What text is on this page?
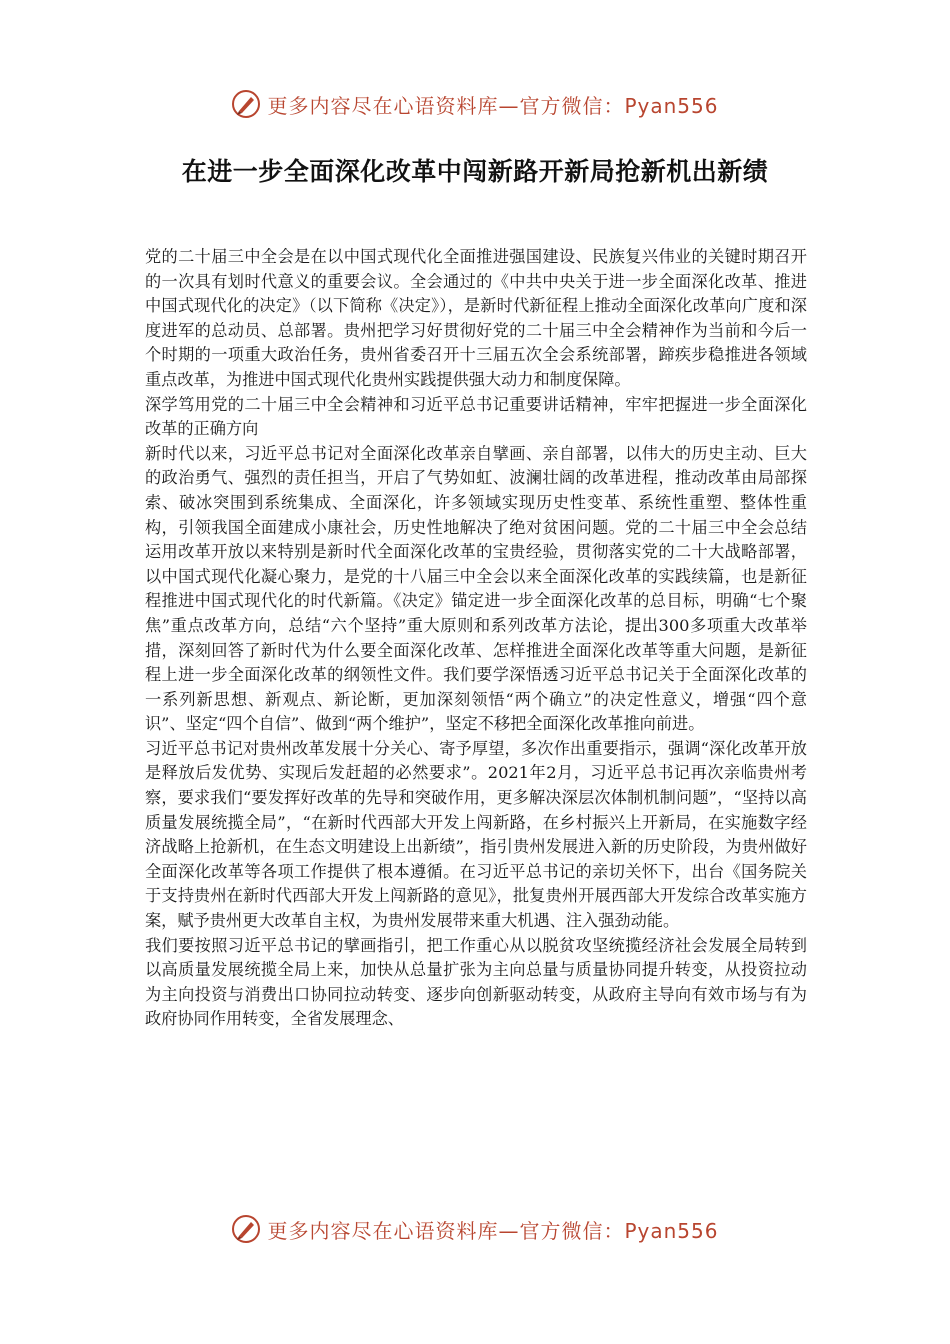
更多内容尽在心语资料库—官方微信：Pyan556
在进一步全面深化改革中闯新路开新局抢新机出新绩

党的二十届三中全会是在以中国式现代化全面推进强国建设、民族复兴伟业的关键时期召开的一次具有划时代意义的重要会议。全会通过的《中共中央关于进一步全面深化改革、推进中国式现代化的决定》（以下简称《决定》），是新时代新征程上推动全面深化改革向广度和深度进军的总动员、总部署。贵州把学习好贯彻好党的二十届三中全会精神作为当前和今后一个时期的一项重大政治任务，贵州省委召开十三届五次全会系统部署，蹄疾步稳推进各领域重点改革，为推进中国式现代化贵州实践提供强大动力和制度保障。

深学笃用党的二十届三中全会精神和习近平总书记重要讲话精神，牢牢把握进一步全面深化改革的正确方向

新时代以来，习近平总书记对全面深化改革亲自擘画、亲自部署，以伟大的历史主动、巨大的政治勇气、强烈的责任担当，开启了气势如虹、波澜壮阔的改革进程，推动改革由局部探索、破冰突围到系统集成、全面深化，许多领域实现历史性变革、系统性重塑、整体性重构，引领我国全面建成小康社会，历史性地解决了绝对贫困问题。党的二十届三中全会总结运用改革开放以来特别是新时代全面深化改革的宝贵经验，贯彻落实党的二十大战略部署，以中国式现代化凝心聚力，是党的十八届三中全会以来全面深化改革的实践续篇，也是新征程推进中国式现代化的时代新篇。《决定》锚定进一步全面深化改革的总目标，明确“七个聚焦”重点改革方向，总结“六个坚持”重大原则和系列改革方法论，提出300多项重大改革举措，深刻回答了新时代为什么要全面深化改革、怎样推进全面深化改革等重大问题，是新征程上进一步全面深化改革的纲领性文件。我们要学深悟透习近平总书记关于全面深化改革的一系列新思想、新观点、新论断，更加深刻领悟“两个确立”的决定性意义，增强“四个意识”、坚定“四个自信”、做到“两个维护”，坚定不移把全面深化改革推向前进。

习近平总书记对贵州改革发展十分关心、寄予厚望，多次作出重要指示，强调“深化改革开放是释放后发优势、实现后发赶超的必然要求”。2021年2月，习近平总书记再次亲临贵州考察，要求我们“要发挥好改革的先导和突破作用，更多解决深层次体制机制问题”，“坚持以高质量发展统揽全局”，“在新时代西部大开发上闯新路，在乡村振兴上开新局，在实施数字经济战略上抢新机，在生态文明建设上出新绩”，指引贵州发展进入新的历史阶段，为贵州做好全面深化改革等各项工作提供了根本遵循。在习近平总书记的亲切关怀下，出台《国务院关于支持贵州在新时代西部大开发上闯新路的意见》，批复贵州开展西部大开发综合改革实施方案，赋予贵州更大改革自主权，为贵州发展带来重大机遇、注入强劲动能。

我们要按照习近平总书记的擘画指引，把工作重心从以脱贫攻坚统揽经济社会发展全局转到以高质量发展统揽全局上来，加快从总量扩张为主向总量与质量协同提升转变，从投资拉动为主向投资与消费出口协同拉动转变、逐步向创新驱动转变，从政府主导向有效市场与有为政府协同作用转变，全省发展理念、

更多内容尽在心语资料库—官方微信：Pyan556
